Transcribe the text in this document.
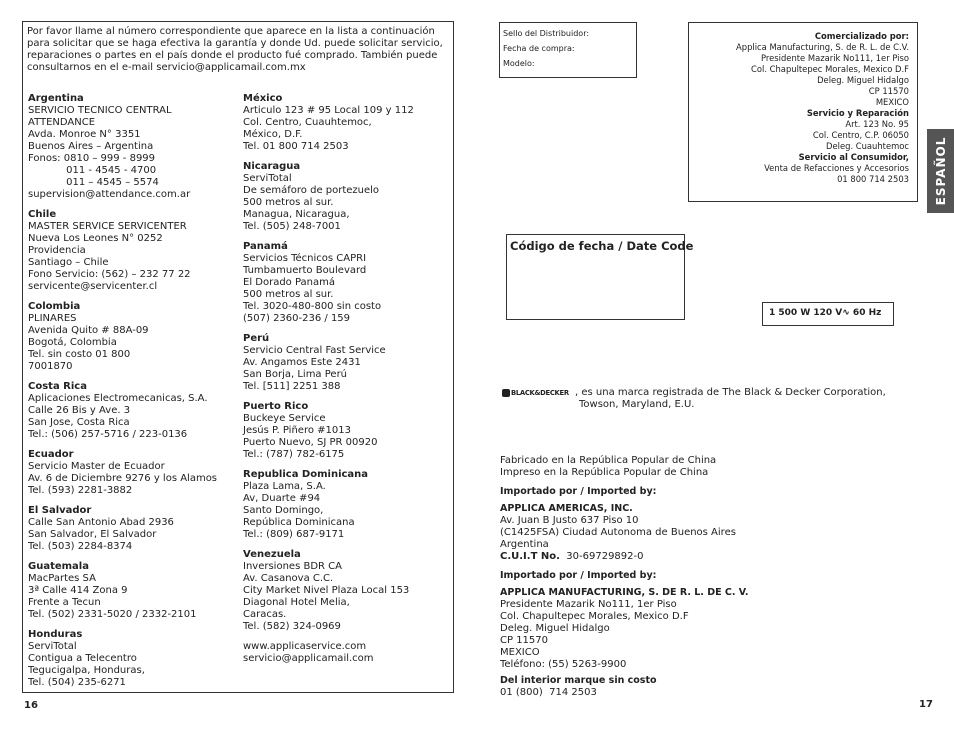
Por favor llame al número correspondiente que aparece en la lista a continuación
para solicitar que se haga efectiva la garantía y donde Ud. puede solicitar servicio,
reparaciones o partes en el país donde el producto fué comprado. También puede
consultarnos en el e-mail servicio@applicamail.com.mx
Argentina
SERVICIO TECNICO CENTRAL
ATTENDANCE
Avda. Monroe N° 3351
Buenos Aires – Argentina
Fonos: 0810 – 999 - 8999
011 - 4545 - 4700
011 – 4545 – 5574
supervision@attendance.com.ar
Chile
MASTER SERVICE SERVICENTER
Nueva Los Leones N° 0252
Providencia
Santiago – Chile
Fono Servicio: (562) – 232 77 22
servicente@servicenter.cl
Colombia
PLINARES
Avenida Quito # 88A-09
Bogotá, Colombia
Tel. sin costo 01 800
7001870
Costa Rica
Aplicaciones Electromecanicas, S.A.
Calle 26 Bis y Ave. 3
San Jose, Costa Rica
Tel.: (506) 257-5716 / 223-0136
Ecuador
Servicio Master de Ecuador
Av. 6 de Diciembre 9276 y los Alamos
Tel. (593) 2281-3882
El Salvador
Calle San Antonio Abad 2936
San Salvador, El Salvador
Tel. (503) 2284-8374
Guatemala
MacPartes SA
3ª Calle 414 Zona 9
Frente a Tecun
Tel. (502) 2331-5020 / 2332-2101
Honduras
ServiTotal
Contigua a Telecentro
Tegucigalpa, Honduras,
Tel. (504) 235-6271
México
Articulo 123 # 95 Local 109 y 112
Col. Centro, Cuauhtemoc,
México, D.F.
Tel. 01 800 714 2503
Nicaragua
ServiTotal
De semáforo de portezuelo
500 metros al sur.
Managua, Nicaragua,
Tel. (505) 248-7001
Panamá
Servicios Técnicos CAPRI
Tumbamuerto Boulevard
El Dorado Panamá
500 metros al sur.
Tel. 3020-480-800 sin costo
(507) 2360-236 / 159
Perú
Servicio Central Fast Service
Av. Angamos Este 2431
San Borja, Lima Perú
Tel. [511] 2251 388
Puerto Rico
Buckeye Service
Jesús P. Piñero #1013
Puerto Nuevo, SJ PR 00920
Tel.: (787) 782-6175
Republica Dominicana
Plaza Lama, S.A.
Av, Duarte #94
Santo Domingo,
República Dominicana
Tel.: (809) 687-9171
Venezuela
Inversiones BDR CA
Av. Casanova C.C.
City Market Nivel Plaza Local 153
Diagonal Hotel Melia,
Caracas.
Tel. (582) 324-0969
www.applicaservice.com
servicio@applicamail.com
16
Sello del Distribuidor:
Fecha de compra:
Modelo:
Comercializado por:
Applica Manufacturing, S. de R. L. de C.V.
Presidente Mazarik No111, 1er Piso
Col. Chapultepec Morales, Mexico D.F
Deleg. Miguel Hidalgo
CP 11570
MEXICO
Servicio y Reparación
Art. 123 No. 95
Col. Centro, C.P. 06050
Deleg. Cuauhtemoc
Servicio al Consumidor,
Venta de Refacciones y Accesorios
01 800 714 2503 ESPAÑOL
Código de fecha / Date Code
1 500 W 120 V∿ 60 Hz
BLACK&DECKER , es una marca registrada de The Black & Decker Corporation,
Towson, Maryland, E.U.
Fabricado en la República Popular de China
Impreso en la República Popular de China
Importado por / Imported by:
APPLICA AMERICAS, INC.
Av. Juan B Justo 637 Piso 10
(C1425FSA) Ciudad Autonoma de Buenos Aires
Argentina
C.U.I.T No. 30-69729892-0
Importado por / Imported by:
APPLICA MANUFACTURING, S. DE R. L. DE C. V.
Presidente Mazarik No111, 1er Piso
Col. Chapultepec Morales, Mexico D.F
Deleg. Miguel Hidalgo
CP 11570
MEXICO
Teléfono: (55) 5263-9900
Del interior marque sin costo
01 (800)  714 2503
17
